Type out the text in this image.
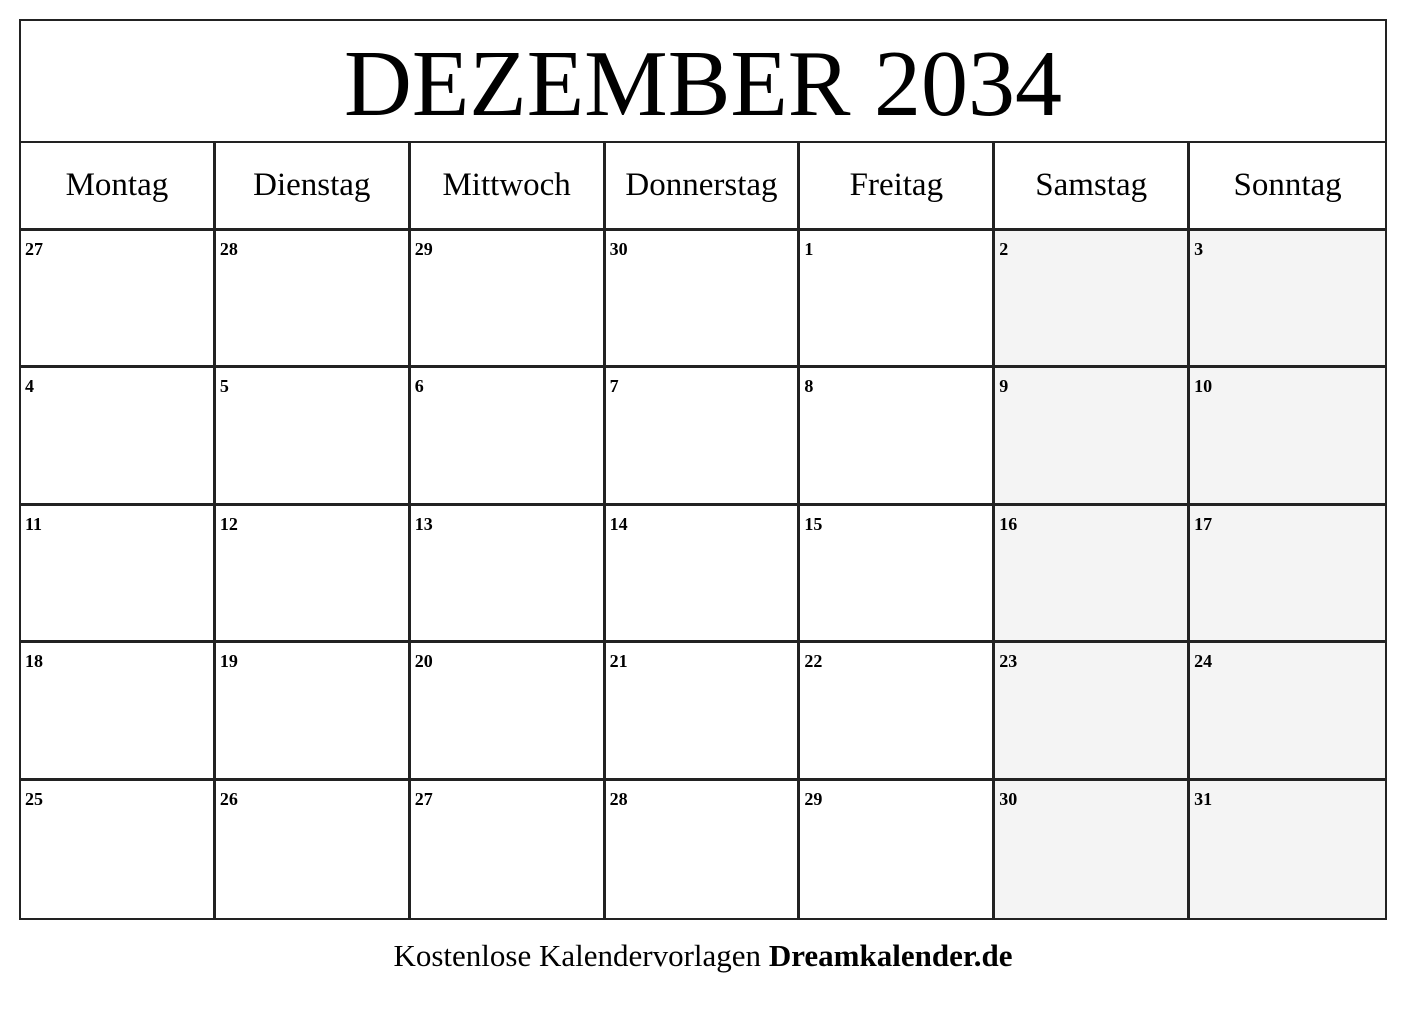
DEZEMBER 2034
Montag	Dienstag	Mittwoch	Donnerstag	Freitag	Samstag	Sonntag
27	28	29	30	1	2	3
4	5	6	7	8	9	10
11	12	13	14	15	16	17
18	19	20	21	22	23	24
25	26	27	28	29	30	31
Kostenlose Kalendervorlagen Dreamkalender.de
